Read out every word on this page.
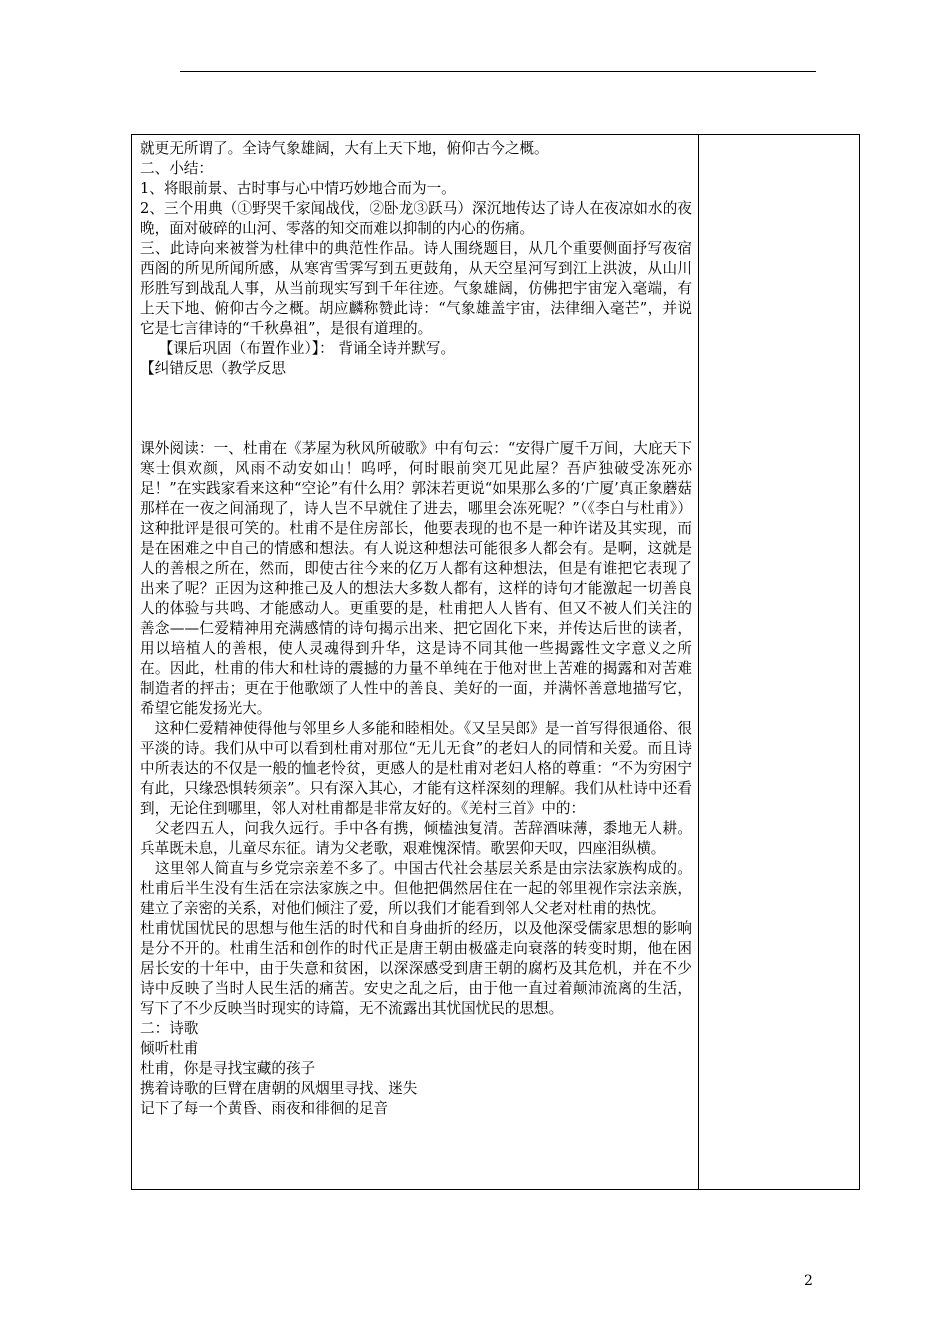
就更无所谓了。全诗气象雄阔，大有上天下地，俯仰古今之概。

二、小结：

1、将眼前景、古时事与心中情巧妙地合而为一。

2、三个用典（①野哭千家闻战伐，②卧龙③跃马）深沉地传达了诗人在夜凉如水的夜晚，面对破碎的山河、零落的知交而难以抑制的内心的伤痛。

三、此诗向来被誉为杜律中的典范性作品。诗人围绕题目，从几个重要侧面抒写夜宿西阁的所见所闻所感，从寒宵雪霁写到五更鼓角，从天空星河写到江上洪波，从山川形胜写到战乱人事，从当前现实写到千年往迹。气象雄阔，仿佛把宇宙宠入毫端，有上天下地、俯仰古今之概。胡应麟称赞此诗：“气象雄盖宇宙，法律细入毫芒”，并说它是七言律诗的“千秋鼻祖”，是很有道理的。

【课后巩固（布置作业）】： 背诵全诗并默写。

【纠错反思（教学反思

课外阅读：一、杜甫在《茅屋为秋风所破歌》中有句云：“安得广厦千万间，大庇天下寒士俱欢颜，风雨不动安如山！呜呼，何时眼前突兀见此屋？吾庐独破受冻死亦足！”在实践家看来这种“空论”有什么用？郭沫若更说“如果那么多的‘广厦’真正象蘑菇那样在一夜之间涌现了，诗人岂不早就住了进去，哪里会冻死呢？”（《李白与杜甫》）这种批评是很可笑的。杜甫不是住房部长，他要表现的也不是一种许诺及其实现，而是在困难之中自己的情感和想法。有人说这种想法可能很多人都会有。是啊，这就是人的善根之所在，然而，即使古往今来的亿万人都有这种想法，但是有谁把它表现了出来了呢？正因为这种推己及人的想法大多数人都有，这样的诗句才能激起一切善良人的体验与共鸣、才能感动人。更重要的是，杜甫把人人皆有、但又不被人们关注的善念——仁爱精神用充满感情的诗句揭示出来、把它固化下来，并传达后世的读者，用以培植人的善根，使人灵魂得到升华，这是诗不同其他一些揭露性文字意义之所在。因此，杜甫的伟大和杜诗的震撼的力量不单纯在于他对世上苦难的揭露和对苦难制造者的抨击；更在于他歌颂了人性中的善良、美好的一面，并满怀善意地描写它，希望它能发扬光大。

　这种仁爱精神使得他与邻里乡人多能和睦相处。《又呈吴郎》是一首写得很通俗、很平淡的诗。我们从中可以看到杜甫对那位“无儿无食”的老妇人的同情和关爱。而且诗中所表达的不仅是一般的恤老怜贫，更感人的是杜甫对老妇人格的尊重：“不为穷困宁有此，只缘恐惧转须亲”。只有深入其心，才能有这样深刻的理解。我们从杜诗中还看到，无论住到哪里，邻人对杜甫都是非常友好的。《羌村三首》中的：

　父老四五人，问我久远行。手中各有携，倾榼浊复清。苦辞酒味薄，黍地无人耕。兵革既未息，儿童尽东征。请为父老歌，艰难愧深情。歌罢仰天叹，四座泪纵横。

　这里邻人简直与乡党宗亲差不多了。中国古代社会基层关系是由宗法家族构成的。杜甫后半生没有生活在宗法家族之中。但他把偶然居住在一起的邻里视作宗法亲族，建立了亲密的关系，对他们倾注了爱，所以我们才能看到邻人父老对杜甫的热忱。

杜甫忧国忧民的思想与他生活的时代和自身曲折的经历，以及他深受儒家思想的影响是分不开的。杜甫生活和创作的时代正是唐王朝由极盛走向衰落的转变时期，他在困居长安的十年中，由于失意和贫困，以深深感受到唐王朝的腐朽及其危机，并在不少诗中反映了当时人民生活的痛苦。安史之乱之后，由于他一直过着颠沛流离的生活，写下了不少反映当时现实的诗篇，无不流露出其忧国忧民的思想。

二：诗歌

倾听杜甫

杜甫，你是寻找宝藏的孩子

携着诗歌的巨臂在唐朝的风烟里寻找、迷失

记下了每一个黄昏、雨夜和徘徊的足音

2
